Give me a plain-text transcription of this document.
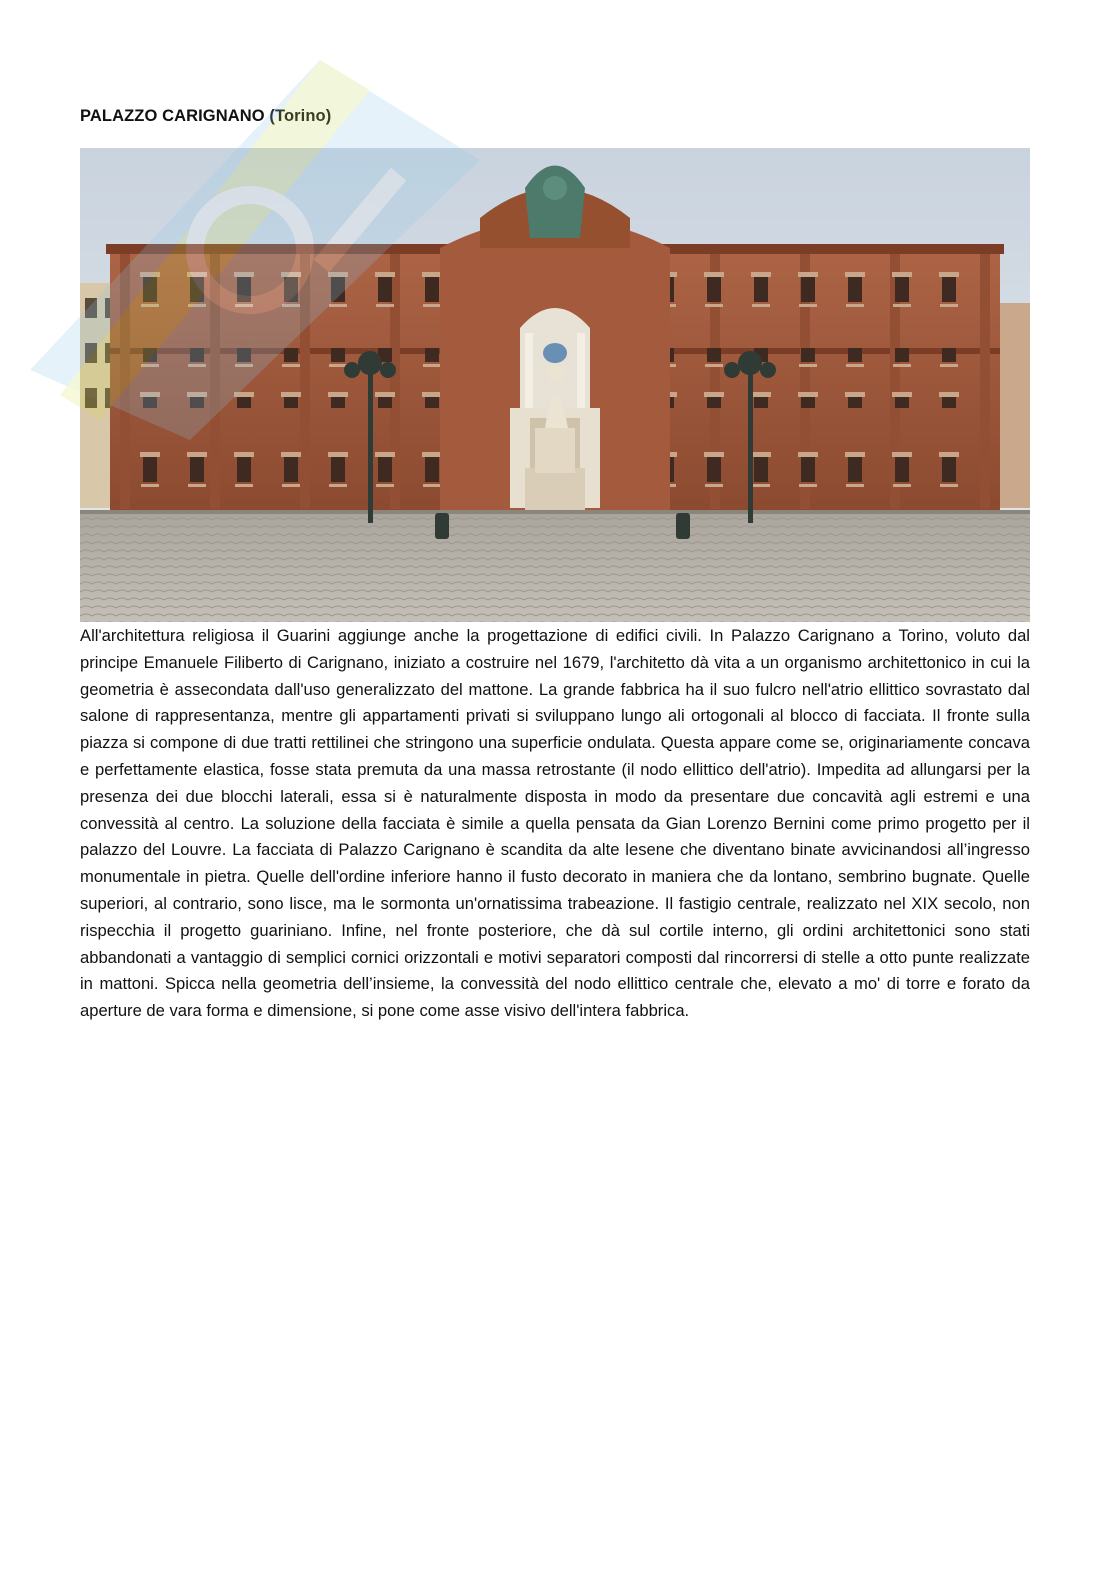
PALAZZO CARIGNANO (Torino)

All'architettura religiosa il Guarini aggiunge anche la progettazione di edifici civili. In Palazzo Carignano a Torino, voluto dal principe Emanuele Filiberto di Carignano, iniziato a costruire nel 1679, l'architetto dà vita a un organismo architettonico in cui la geometria è assecondata dall'uso generalizzato del mattone. La grande fabbrica ha il suo fulcro nell'atrio ellittico sovrastato dal salone di rappresentanza, mentre gli appartamenti privati si sviluppano lungo ali ortogonali al blocco di facciata. Il fronte sulla piazza si compone di due tratti rettilinei che stringono una superficie ondulata. Questa appare come se, originariamente concava e perfettamente elastica, fosse stata premuta da una massa retrostante (il nodo ellittico dell'atrio). Impedita ad allungarsi per la presenza dei due blocchi laterali, essa si è naturalmente disposta in modo da presentare due concavità agli estremi e una convessità al centro. La soluzione della facciata è simile a quella pensata da Gian Lorenzo Bernini come primo progetto per il palazzo del Louvre. La facciata di Palazzo Carignano è scandita da alte lesene che diventano binate avvicinandosi all’ingresso monumentale in pietra. Quelle dell'ordine inferiore hanno il fusto decorato in maniera che da lontano, sembrino bugnate. Quelle superiori, al contrario, sono lisce, ma le sormonta un'ornatissima trabeazione. Il fastigio centrale, realizzato nel XIX secolo, non rispecchia il progetto guariniano. Infine, nel fronte posteriore, che dà sul cortile interno, gli ordini architettonici sono stati abbandonati a vantaggio di semplici cornici orizzontali e motivi separatori composti dal rincorrersi di stelle a otto punte realizzate in mattoni. Spicca nella geometria dell’insieme, la convessità del nodo ellittico centrale che, elevato a mo' di torre e forato da aperture de vara forma e dimensione, si pone come asse visivo dell'intera fabbrica.
